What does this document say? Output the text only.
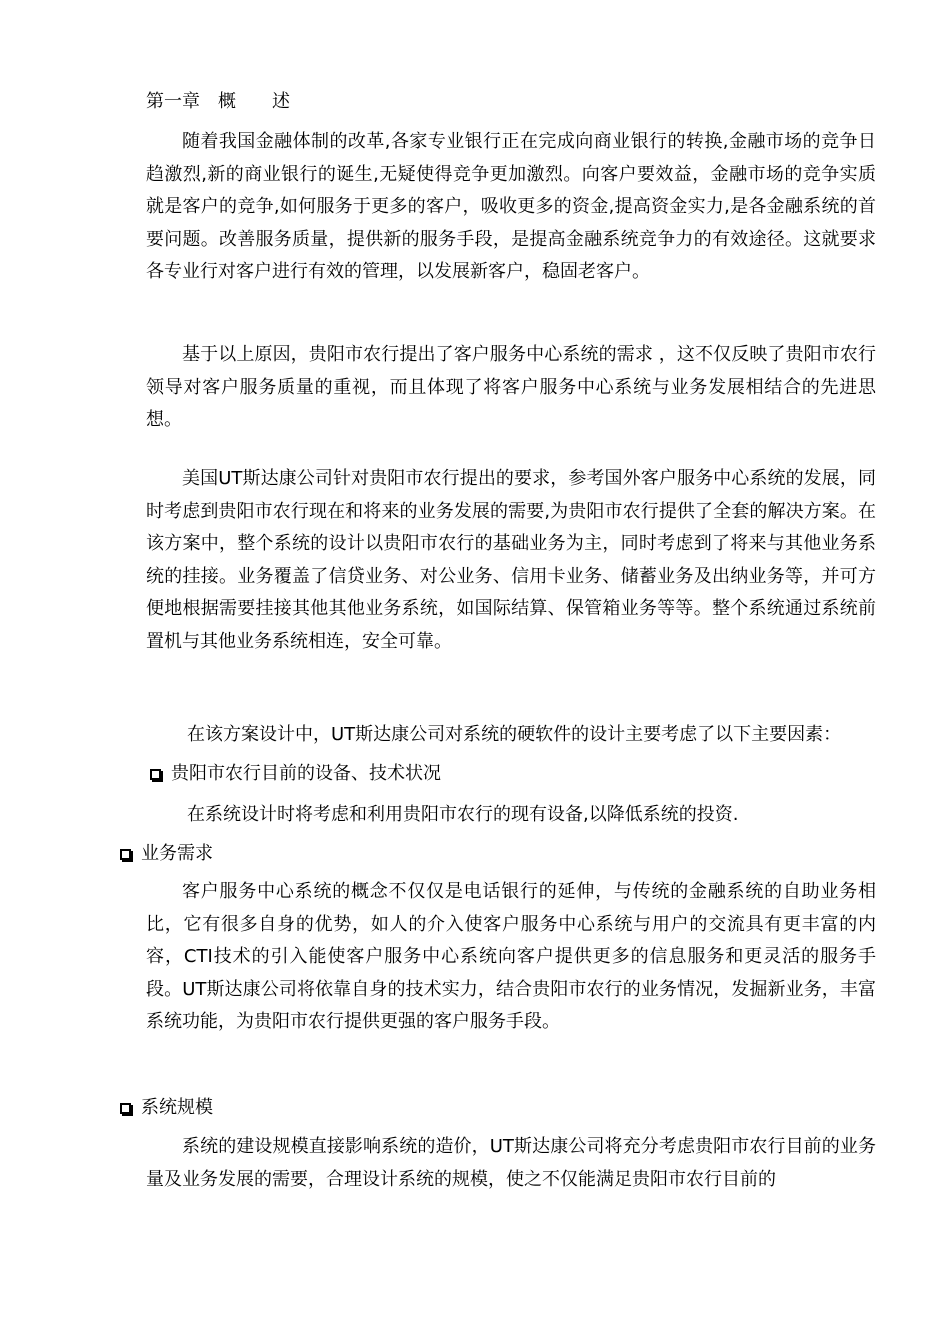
第一章　概　　述

随着我国金融体制的改革,各家专业银行正在完成向商业银行的转换,金融市场的竞争日趋激烈,新的商业银行的诞生,无疑使得竞争更加激烈。向客户要效益，金融市场的竞争实质就是客户的竞争,如何服务于更多的客户，吸收更多的资金,提高资金实力,是各金融系统的首要问题。改善服务质量，提供新的服务手段，是提高金融系统竞争力的有效途径。这就要求各专业行对客户进行有效的管理，以发展新客户，稳固老客户。

基于以上原因，贵阳市农行提出了客户服务中心系统的需求 ，这不仅反映了贵阳市农行领导对客户服务质量的重视，而且体现了将客户服务中心系统与业务发展相结合的先进思想。

美国UT斯达康公司针对贵阳市农行提出的要求，参考国外客户服务中心系统的发展，同时考虑到贵阳市农行现在和将来的业务发展的需要,为贵阳市农行提供了全套的解决方案。在该方案中，整个系统的设计以贵阳市农行的基础业务为主，同时考虑到了将来与其他业务系统的挂接。业务覆盖了信贷业务、对公业务、信用卡业务、储蓄业务及出纳业务等，并可方便地根据需要挂接其他其他业务系统，如国际结算、保管箱业务等等。整个系统通过系统前置机与其他业务系统相连，安全可靠。

在该方案设计中，UT斯达康公司对系统的硬软件的设计主要考虑了以下主要因素：

贵阳市农行目前的设备、技术状况

在系统设计时将考虑和利用贵阳市农行的现有设备,以降低系统的投资.

业务需求

客户服务中心系统的概念不仅仅是电话银行的延伸，与传统的金融系统的自助业务相比，它有很多自身的优势，如人的介入使客户服务中心系统与用户的交流具有更丰富的内容，CTI技术的引入能使客户服务中心系统向客户提供更多的信息服务和更灵活的服务手段。UT斯达康公司将依靠自身的技术实力，结合贵阳市农行的业务情况，发掘新业务，丰富系统功能，为贵阳市农行提供更强的客户服务手段。

系统规模

系统的建设规模直接影响系统的造价，UT斯达康公司将充分考虑贵阳市农行目前的业务量及业务发展的需要，合理设计系统的规模，使之不仅能满足贵阳市农行目前的
